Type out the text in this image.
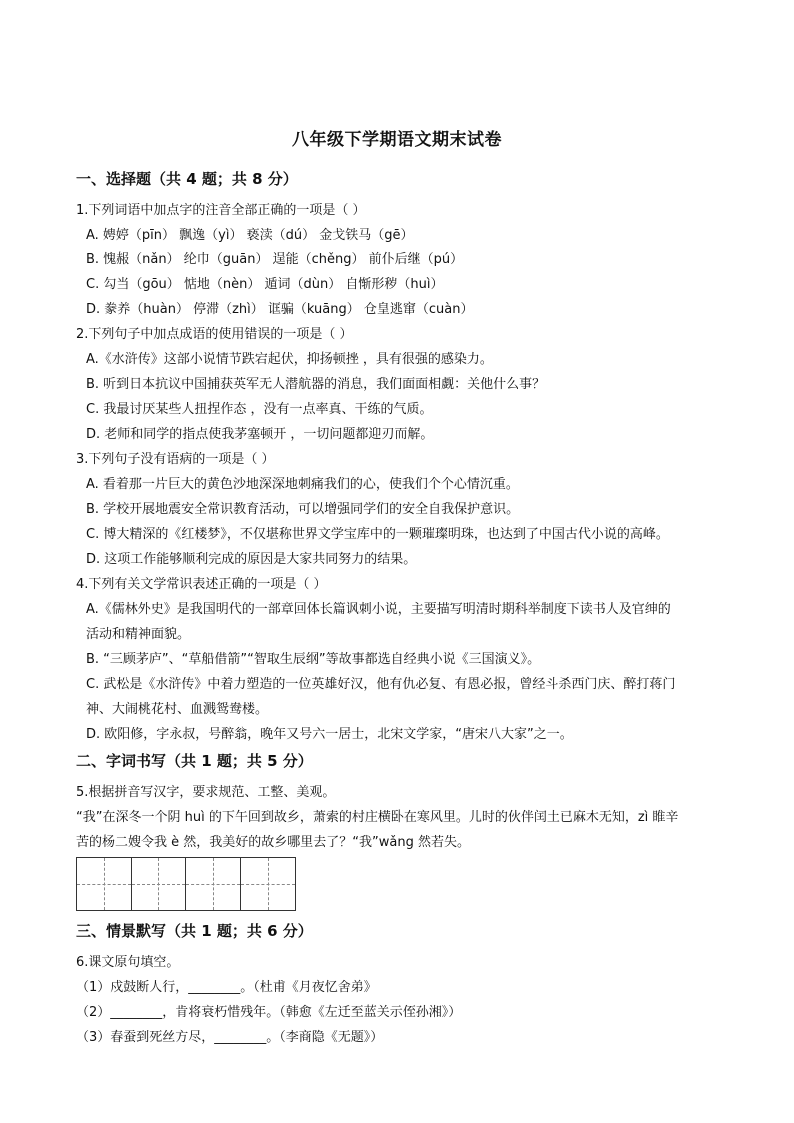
八年级下学期语文期末试卷
一、选择题（共 4 题；共 8 分）
1.下列词语中加点字的注音全部正确的一项是（ ）
A. 娉婷（pīn） 飘逸（yì） 亵渎（dú） 金戈铁马（gē）
B. 愧赧（nǎn） 纶巾（guān） 逞能（chěng） 前仆后继（pú）
C. 勾当（gōu） 惦地（nèn） 遁词（dùn） 自惭形秽（huì）
D. 豢养（huàn） 停滞（zhì） 诓骗（kuāng） 仓皇逃窜（cuàn）
2.下列句子中加点成语的使用错误的一项是（ ）
A.《水浒传》这部小说情节跌宕起伏，抑扬顿挫 ，具有很强的感染力。
B. 听到日本抗议中国捕获英军无人潜航器的消息，我们面面相觑：关他什么事？
C. 我最讨厌某些人扭捏作态 ，没有一点率真、干练的气质。
D. 老师和同学的指点使我茅塞顿开 ，一切问题都迎刃而解。
3.下列句子没有语病的一项是（ ）
A. 看着那一片巨大的黄色沙地深深地刺痛我们的心，使我们个个心情沉重。
B. 学校开展地震安全常识教育活动，可以增强同学们的安全自我保护意识。
C. 博大精深的《红楼梦》，不仅堪称世界文学宝库中的一颗璀璨明珠，也达到了中国古代小说的高峰。
D. 这项工作能够顺利完成的原因是大家共同努力的结果。
4.下列有关文学常识表述正确的一项是（ ）
A.《儒林外史》是我国明代的一部章回体长篇讽刺小说，主要描写明清时期科举制度下读书人及官绅的
活动和精神面貌。
B. “三顾茅庐”、“草船借箭”“智取生辰纲”等故事都选自经典小说《三国演义》。
C. 武松是《水浒传》中着力塑造的一位英雄好汉，他有仇必复、有恩必报，曾经斗杀西门庆、醉打蒋门
神、大闹桃花村、血溅鸳鸯楼。
D. 欧阳修，字永叔，号醉翁，晚年又号六一居士，北宋文学家，“唐宋八大家”之一。
二、字词书写（共 1 题；共 5 分）
5.根据拼音写汉字，要求规范、工整、美观。
“我”在深冬一个阴 huì 的下午回到故乡，萧索的村庄横卧在寒风里。儿时的伙伴闰土已麻木无知，zì 睢辛
苦的杨二嫂令我 è 然，我美好的故乡哪里去了？“我”wǎng 然若失。
三、情景默写（共 1 题；共 6 分）
6.课文原句填空。
（1）戍鼓断人行，________。（杜甫《月夜忆舍弟》
（2）________，肯将衰朽惜残年。（韩愈《左迁至蓝关示侄孙湘》）
（3）春蚕到死丝方尽，________。（李商隐《无题》）
